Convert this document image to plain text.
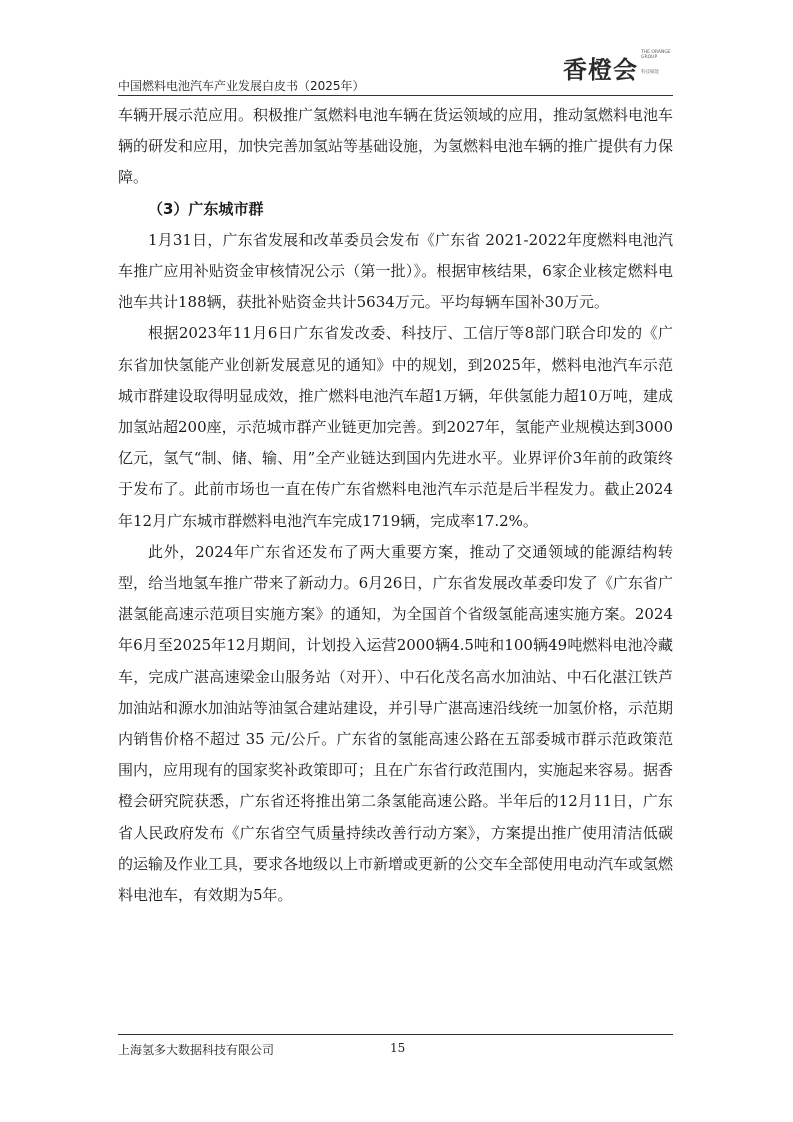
中国燃料电池汽车产业发展白皮书（2025年）
香橙会
THE ORANGE GROUP
科技赋能

车辆开展示范应用。积极推广氢燃料电池车辆在货运领域的应用，推动氢燃料电池车辆的研发和应用，加快完善加氢站等基础设施，为氢燃料电池车辆的推广提供有力保障。

（3）广东城市群

1月31日，广东省发展和改革委员会发布《广东省 2021-2022年度燃料电池汽车推广应用补贴资金审核情况公示（第一批）》。根据审核结果，6家企业核定燃料电池车共计188辆，获批补贴资金共计5634万元。平均每辆车国补30万元。

根据2023年11月6日广东省发改委、科技厅、工信厅等8部门联合印发的《广东省加快氢能产业创新发展意见的通知》中的规划，到2025年，燃料电池汽车示范城市群建设取得明显成效，推广燃料电池汽车超1万辆，年供氢能力超10万吨，建成加氢站超200座，示范城市群产业链更加完善。到2027年，氢能产业规模达到3000亿元，氢气“制、储、输、用”全产业链达到国内先进水平。业界评价3年前的政策终于发布了。此前市场也一直在传广东省燃料电池汽车示范是后半程发力。截止2024年12月广东城市群燃料电池汽车完成1719辆，完成率17.2%。

此外，2024年广东省还发布了两大重要方案，推动了交通领域的能源结构转型，给当地氢车推广带来了新动力。6月26日，广东省发展改革委印发了《广东省广湛氢能高速示范项目实施方案》的通知，为全国首个省级氢能高速实施方案。2024年6月至2025年12月期间，计划投入运营2000辆4.5吨和100辆49吨燃料电池冷藏车，完成广湛高速梁金山服务站（对开）、中石化茂名高水加油站、中石化湛江铁芦加油站和源水加油站等油氢合建站建设，并引导广湛高速沿线统一加氢价格，示范期内销售价格不超过 35 元/公斤。广东省的氢能高速公路在五部委城市群示范政策范围内，应用现有的国家奖补政策即可；且在广东省行政范围内，实施起来容易。据香橙会研究院获悉，广东省还将推出第二条氢能高速公路。半年后的12月11日，广东省人民政府发布《广东省空气质量持续改善行动方案》，方案提出推广使用清洁低碳的运输及作业工具，要求各地级以上市新增或更新的公交车全部使用电动汽车或氢燃料电池车，有效期为5年。

上海氢多大数据科技有限公司	15
